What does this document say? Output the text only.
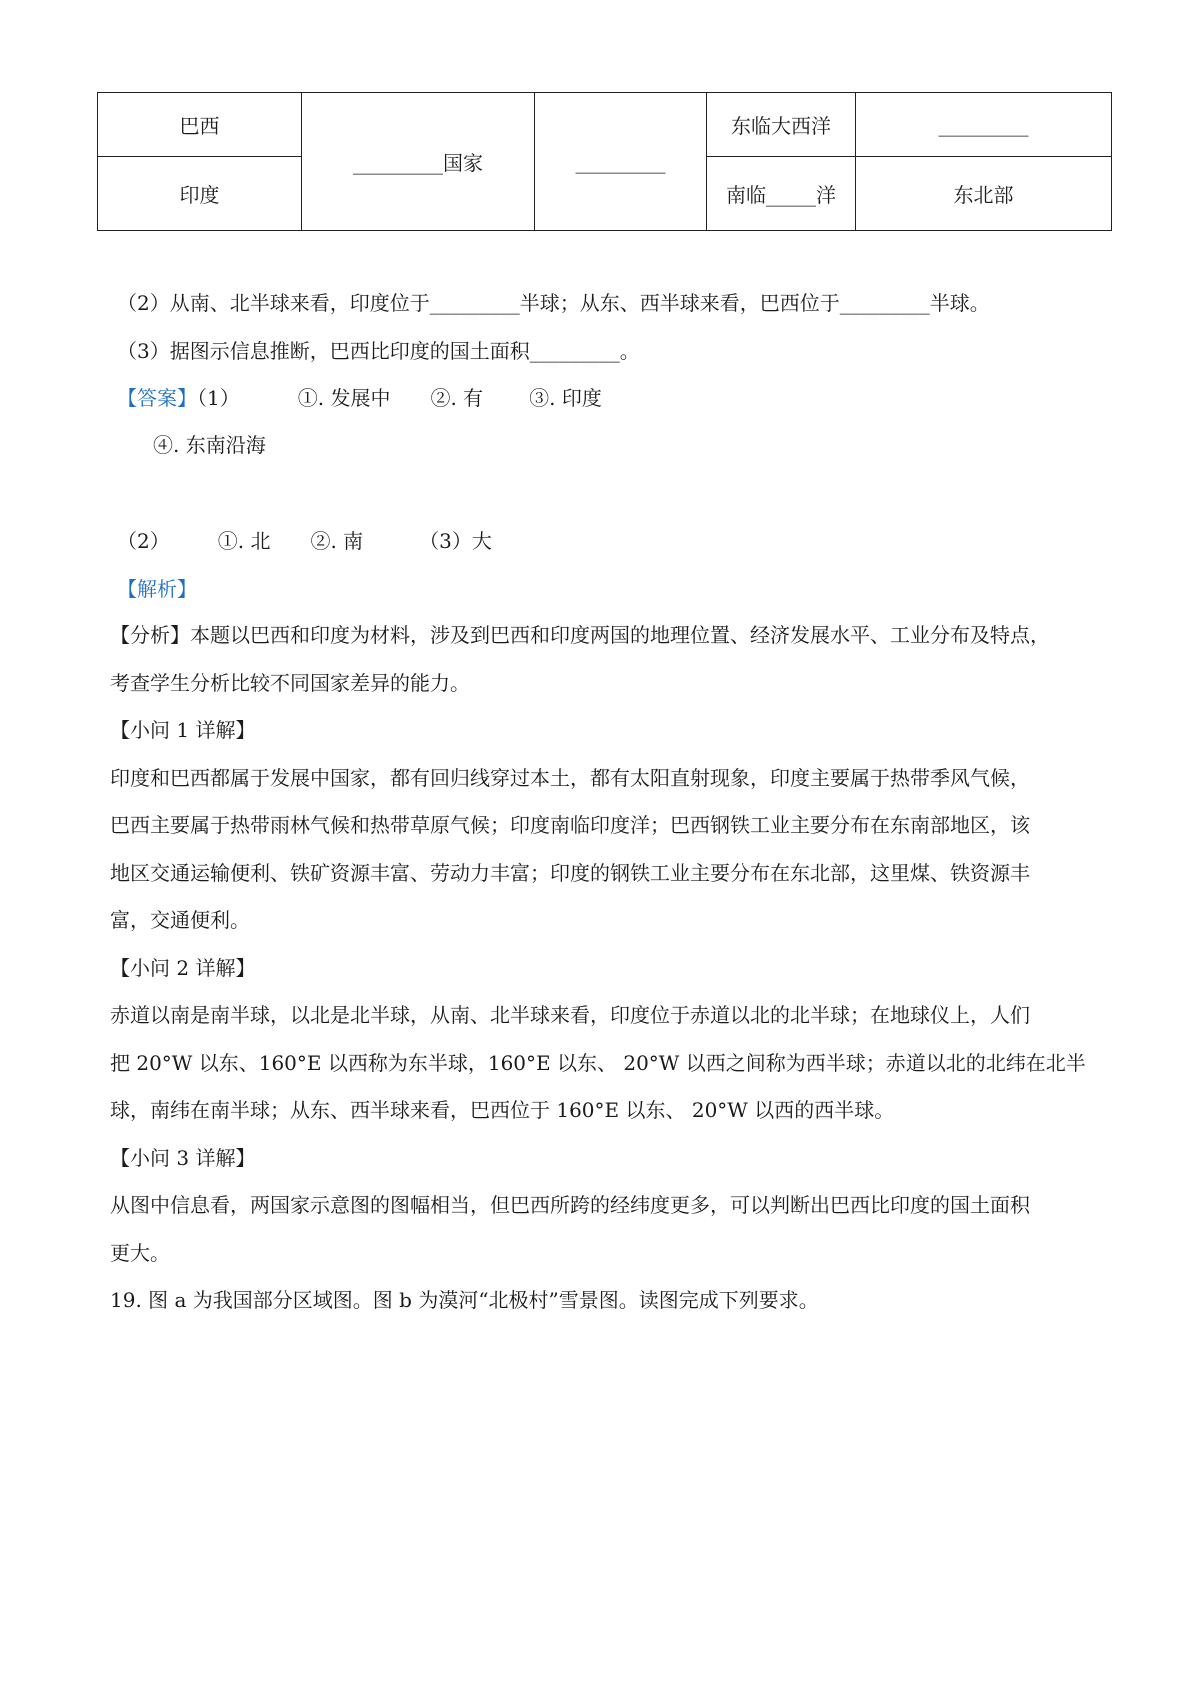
巴西	_________国家	_________	东临大西洋	_________
印度			南临_____洋	东北部
（2）从南、北半球来看，印度位于_________半球；从东、西半球来看，巴西位于_________半球。
（3）据图示信息推断，巴西比印度的国土面积_________。
【答案】（1）	①. 发展中 ②. 有 ③. 印度
④. 东南沿海
（2） ①. 北 ②. 南	（3）大
【解析】
【分析】本题以巴西和印度为材料，涉及到巴西和印度两国的地理位置、经济发展水平、工业分布及特点，
考查学生分析比较不同国家差异的能力。
【小问 1 详解】
印度和巴西都属于发展中国家，都有回归线穿过本土，都有太阳直射现象，印度主要属于热带季风气候，
巴西主要属于热带雨林气候和热带草原气候；印度南临印度洋；巴西钢铁工业主要分布在东南部地区，该
地区交通运输便利、铁矿资源丰富、劳动力丰富；印度的钢铁工业主要分布在东北部，这里煤、铁资源丰
富，交通便利。
【小问 2 详解】
赤道以南是南半球，以北是北半球，从南、北半球来看，印度位于赤道以北的北半球；在地球仪上，人们
把 20°W 以东、160°E 以西称为东半球，160°E 以东、 20°W 以西之间称为西半球；赤道以北的北纬在北半
球，南纬在南半球；从东、西半球来看，巴西位于 160°E 以东、 20°W 以西的西半球。
【小问 3 详解】
从图中信息看，两国家示意图的图幅相当，但巴西所跨的经纬度更多，可以判断出巴西比印度的国土面积
更大。
19. 图 a 为我国部分区域图。图 b 为漠河“北极村”雪景图。读图完成下列要求。
